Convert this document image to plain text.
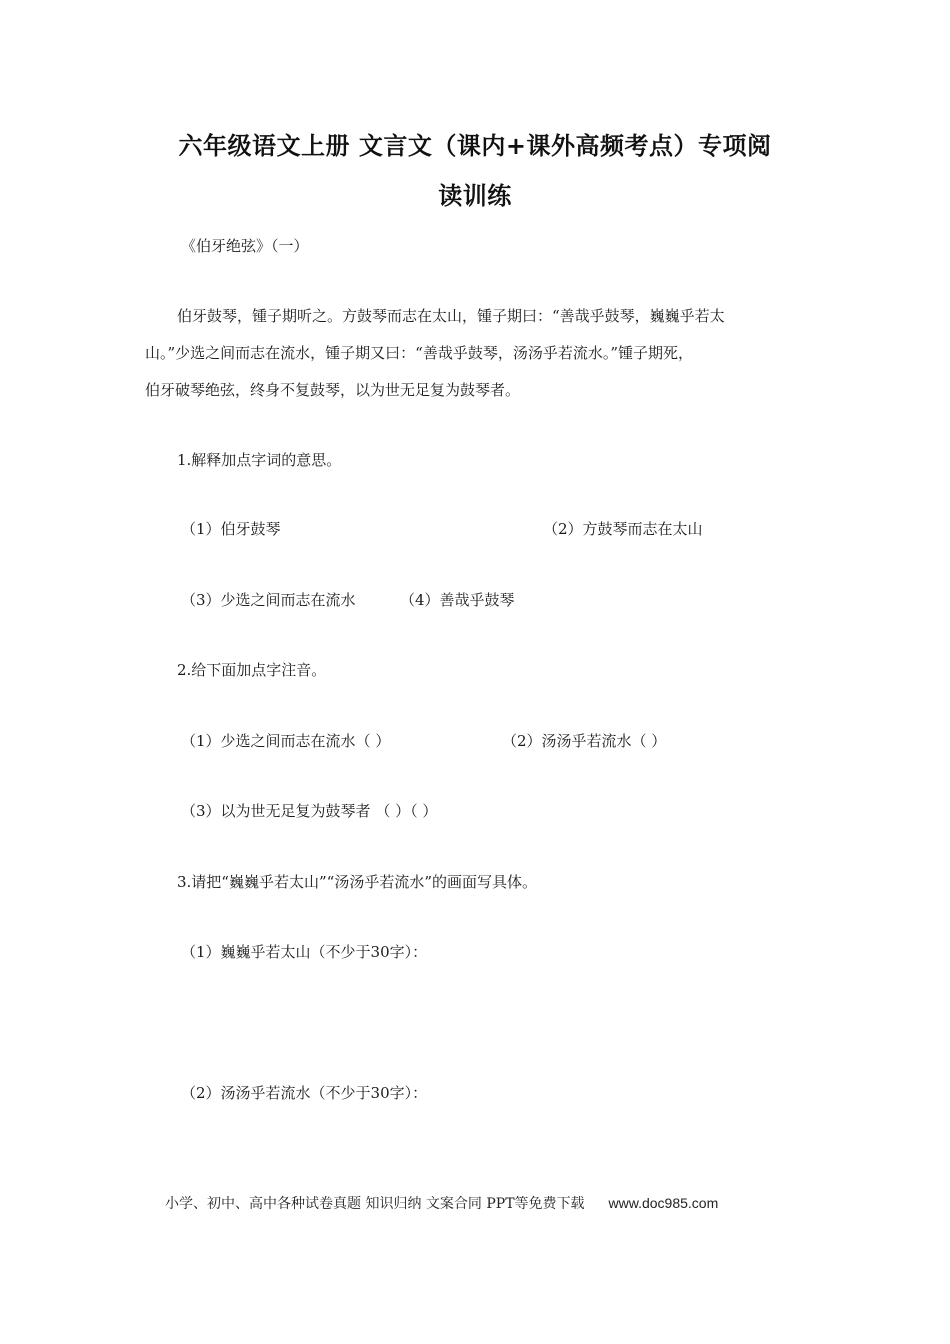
六年级语文上册 文言文（课内+课外高频考点）专项阅
读训练
《伯牙绝弦》（一）
伯牙鼓琴，锺子期听之。方鼓琴而志在太山，锺子期曰：“善哉乎鼓琴，巍巍乎若太
山。”少选之间而志在流水，锺子期又曰：“善哉乎鼓琴，汤汤乎若流水。”锺子期死，
伯牙破琴绝弦，终身不复鼓琴，以为世无足复为鼓琴者。
1.解释加点字词的意思。
（1）伯牙鼓琴	（2）方鼓琴而志在太山
（3）少选之间而志在流水	（4）善哉乎鼓琴
2.给下面加点字注音。
（1）少选之间而志在流水（ ）	（2）汤汤乎若流水（ ）
（3）以为世无足复为鼓琴者 （ ）（ ）
3.请把“巍巍乎若太山”“汤汤乎若流水”的画面写具体。
（1）巍巍乎若太山（不少于30字）：
（2）汤汤乎若流水（不少于30字）：
小学、初中、高中各种试卷真题 知识归纳 文案合同 PPT等免费下载 www.doc985.com
